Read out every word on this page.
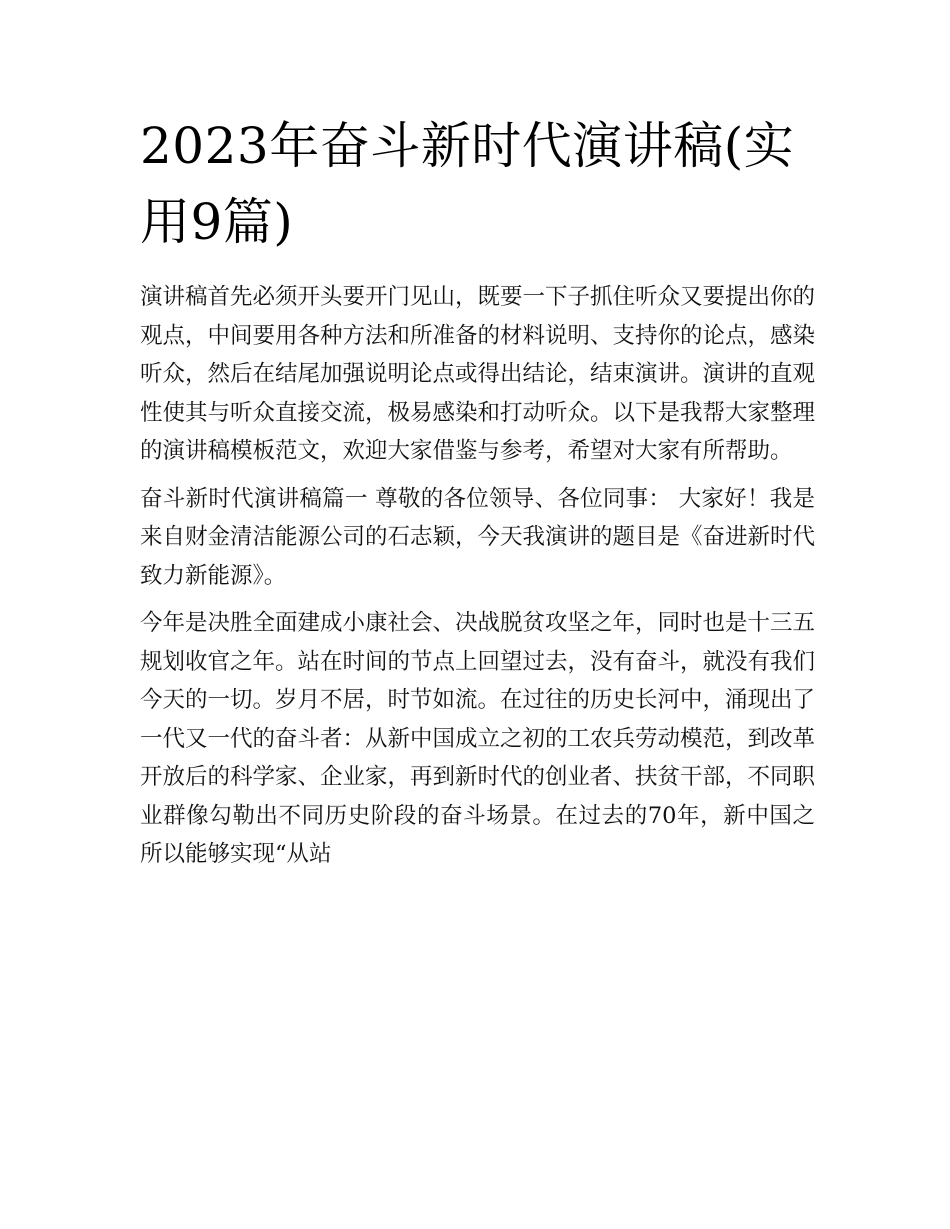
2023年奋斗新时代演讲稿(实用9篇)

演讲稿首先必须开头要开门见山，既要一下子抓住听众又要提出你的观点，中间要用各种方法和所准备的材料说明、支持你的论点，感染听众，然后在结尾加强说明论点或得出结论，结束演讲。演讲的直观性使其与听众直接交流，极易感染和打动听众。以下是我帮大家整理的演讲稿模板范文，欢迎大家借鉴与参考，希望对大家有所帮助。

奋斗新时代演讲稿篇一 尊敬的各位领导、各位同事： 大家好！我是来自财金清洁能源公司的石志颖，今天我演讲的题目是《奋进新时代致力新能源》。

今年是决胜全面建成小康社会、决战脱贫攻坚之年，同时也是十三五规划收官之年。站在时间的节点上回望过去，没有奋斗，就没有我们今天的一切。岁月不居，时节如流。在过往的历史长河中，涌现出了一代又一代的奋斗者：从新中国成立之初的工农兵劳动模范，到改革开放后的科学家、企业家，再到新时代的创业者、扶贫干部，不同职业群像勾勒出不同历史阶段的奋斗场景。在过去的70年，新中国之所以能够实现“从站
